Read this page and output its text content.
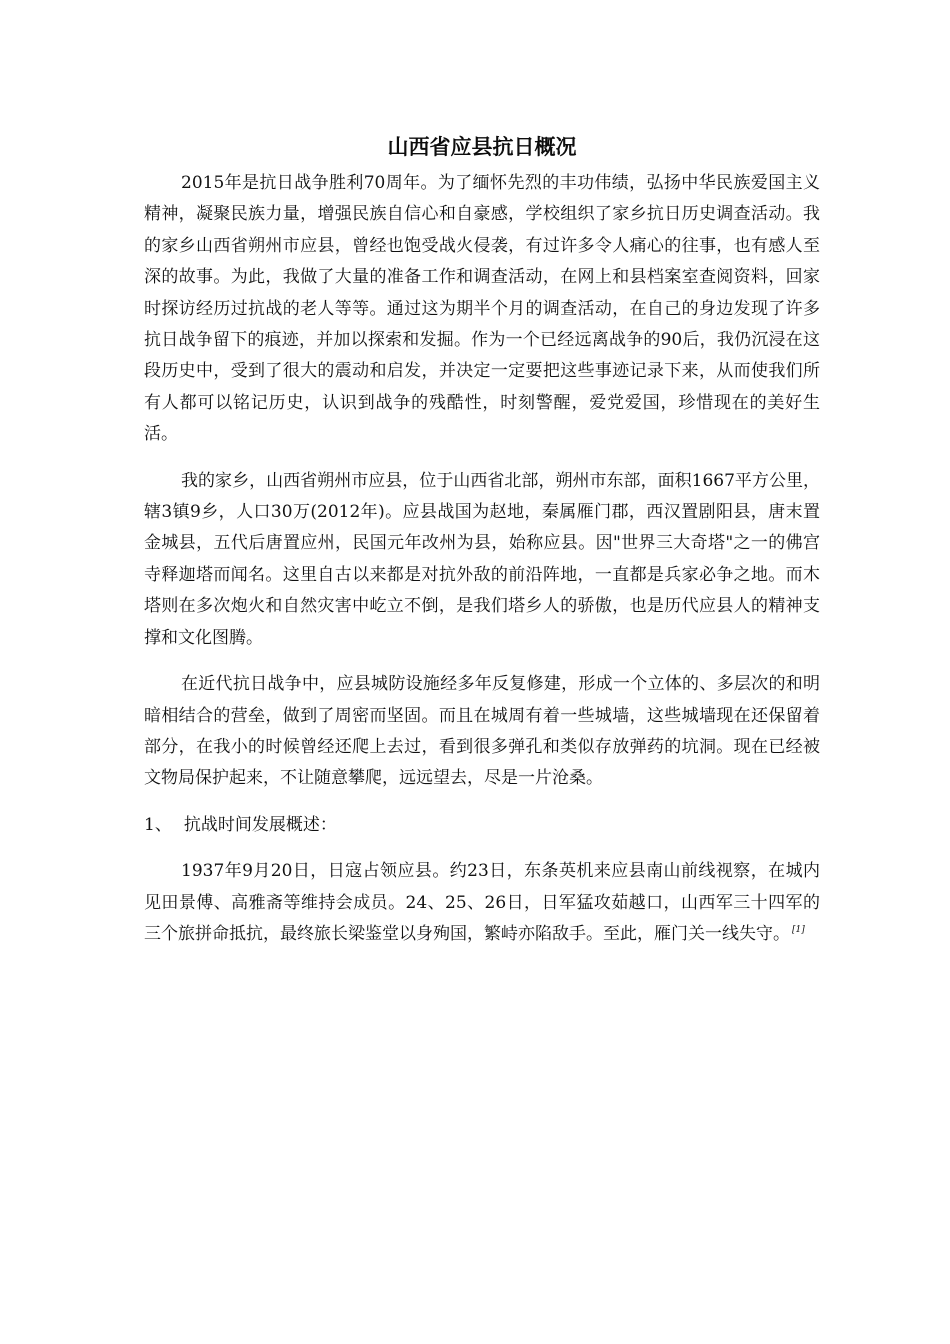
山西省应县抗日概况

2015年是抗日战争胜利70周年。为了缅怀先烈的丰功伟绩，弘扬中华民族爱国主义精神，凝聚民族力量，增强民族自信心和自豪感，学校组织了家乡抗日历史调查活动。我的家乡山西省朔州市应县，曾经也饱受战火侵袭，有过许多令人痛心的往事，也有感人至深的故事。为此，我做了大量的准备工作和调查活动，在网上和县档案室查阅资料，回家时探访经历过抗战的老人等等。通过这为期半个月的调查活动，在自己的身边发现了许多抗日战争留下的痕迹，并加以探索和发掘。作为一个已经远离战争的90后，我仍沉浸在这段历史中，受到了很大的震动和启发，并决定一定要把这些事迹记录下来，从而使我们所有人都可以铭记历史，认识到战争的残酷性，时刻警醒，爱党爱国，珍惜现在的美好生活。

我的家乡，山西省朔州市应县，位于山西省北部，朔州市东部，面积1667平方公里，辖3镇9乡，人口30万(2012年)。应县战国为赵地，秦属雁门郡，西汉置剧阳县，唐末置金城县，五代后唐置应州，民国元年改州为县，始称应县。因"世界三大奇塔"之一的佛宫寺释迦塔而闻名。这里自古以来都是对抗外敌的前沿阵地，一直都是兵家必争之地。而木塔则在多次炮火和自然灾害中屹立不倒，是我们塔乡人的骄傲，也是历代应县人的精神支撑和文化图腾。

在近代抗日战争中，应县城防设施经多年反复修建，形成一个立体的、多层次的和明暗相结合的营垒，做到了周密而坚固。而且在城周有着一些城墙，这些城墙现在还保留着部分，在我小的时候曾经还爬上去过，看到很多弹孔和类似存放弹药的坑洞。现在已经被文物局保护起来，不让随意攀爬，远远望去，尽是一片沧桑。

1、 抗战时间发展概述：

1937年9月20日，日寇占领应县。约23日，东条英机来应县南山前线视察，在城内见田景傅、高雅斋等维持会成员。24、25、26日，日军猛攻茹越口，山西军三十四军的三个旅拼命抵抗，最终旅长梁鉴堂以身殉国，繁峙亦陷敌手。至此，雁门关一线失守。 [1]
